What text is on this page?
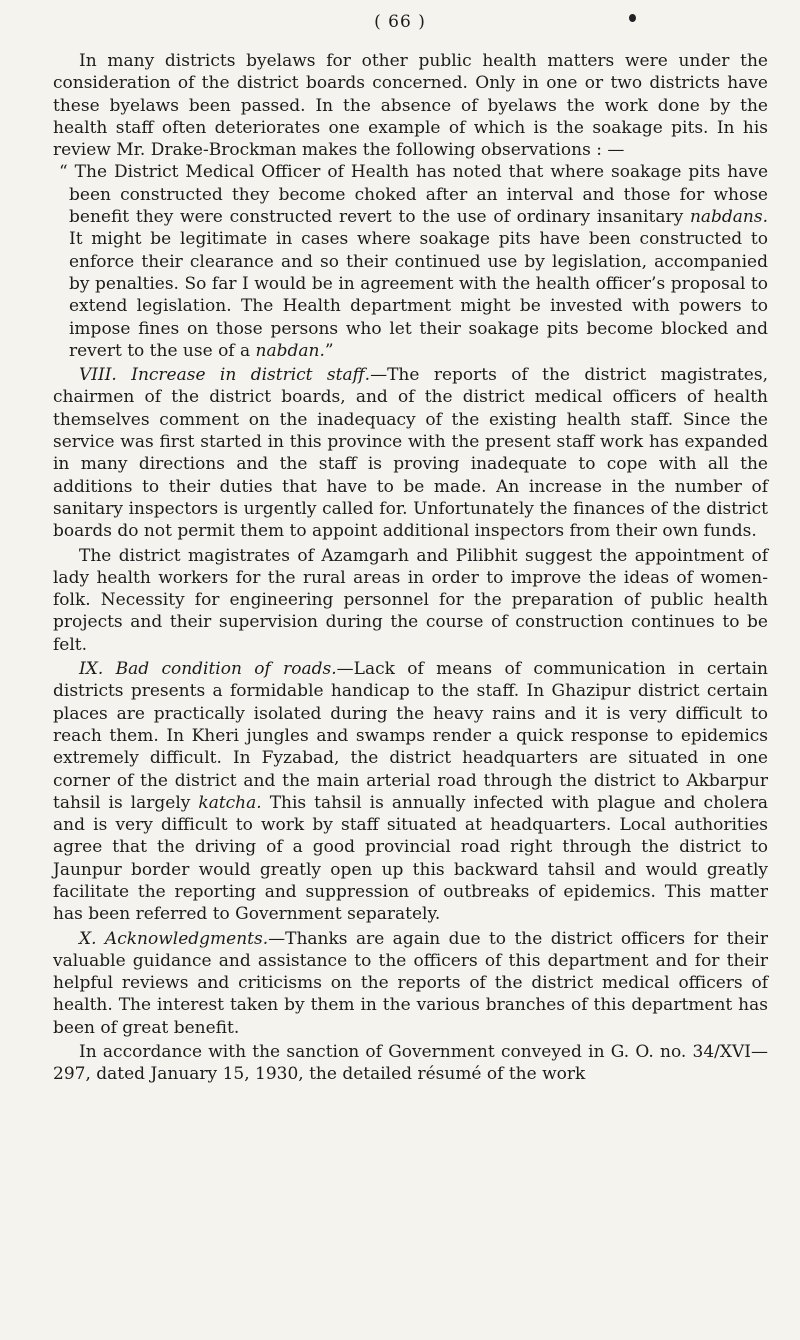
( 66 )

In many districts byelaws for other public health matters were under the consideration of the district boards concerned. Only in one or two districts have these byelaws been passed. In the absence of byelaws the work done by the health staff often deteriorates one example of which is the soakage pits. In his review Mr. Drake-Brockman makes the following observations : —

“ The District Medical Officer of Health has noted that where soakage pits have been constructed they become choked after an interval and those for whose benefit they were constructed revert to the use of ordinary insanitary nabdans. It might be legitimate in cases where soakage pits have been constructed to enforce their clearance and so their continued use by legislation, accompanied by penalties. So far I would be in agreement with the health officer’s proposal to extend legislation. The Health department might be invested with powers to impose fines on those persons who let their soakage pits become blocked and revert to the use of a nabdan.”

VIII. Increase in district staff.—The reports of the district magistrates, chairmen of the district boards, and of the district medical officers of health themselves comment on the inadequacy of the existing health staff. Since the service was first started in this province with the present staff work has expanded in many directions and the staff is proving inadequate to cope with all the additions to their duties that have to be made. An increase in the number of sanitary inspectors is urgently called for. Unfortunately the finances of the district boards do not permit them to appoint additional inspectors from their own funds.

The district magistrates of Azamgarh and Pilibhit suggest the appointment of lady health workers for the rural areas in order to improve the ideas of women-folk. Necessity for engineering personnel for the preparation of public health projects and their supervision during the course of construction continues to be felt.

IX. Bad condition of roads.—Lack of means of communication in certain districts presents a formidable handicap to the staff. In Ghazipur district certain places are practically isolated during the heavy rains and it is very difficult to reach them. In Kheri jungles and swamps render a quick response to epidemics extremely difficult. In Fyzabad, the district headquarters are situated in one corner of the district and the main arterial road through the district to Akbarpur tahsil is largely katcha. This tahsil is annually infected with plague and cholera and is very difficult to work by staff situated at headquarters. Local authorities agree that the driving of a good provincial road right through the district to Jaunpur border would greatly open up this backward tahsil and would greatly facilitate the reporting and suppression of outbreaks of epidemics. This matter has been referred to Government separately.

X. Acknowledgments.—Thanks are again due to the district officers for their valuable guidance and assistance to the officers of this department and for their helpful reviews and criticisms on the reports of the district medical officers of health. The interest taken by them in the various branches of this department has been of great benefit.

In accordance with the sanction of Government conveyed in G. O. no. 34/XVI—297, dated January 15, 1930, the detailed résumé of the work
